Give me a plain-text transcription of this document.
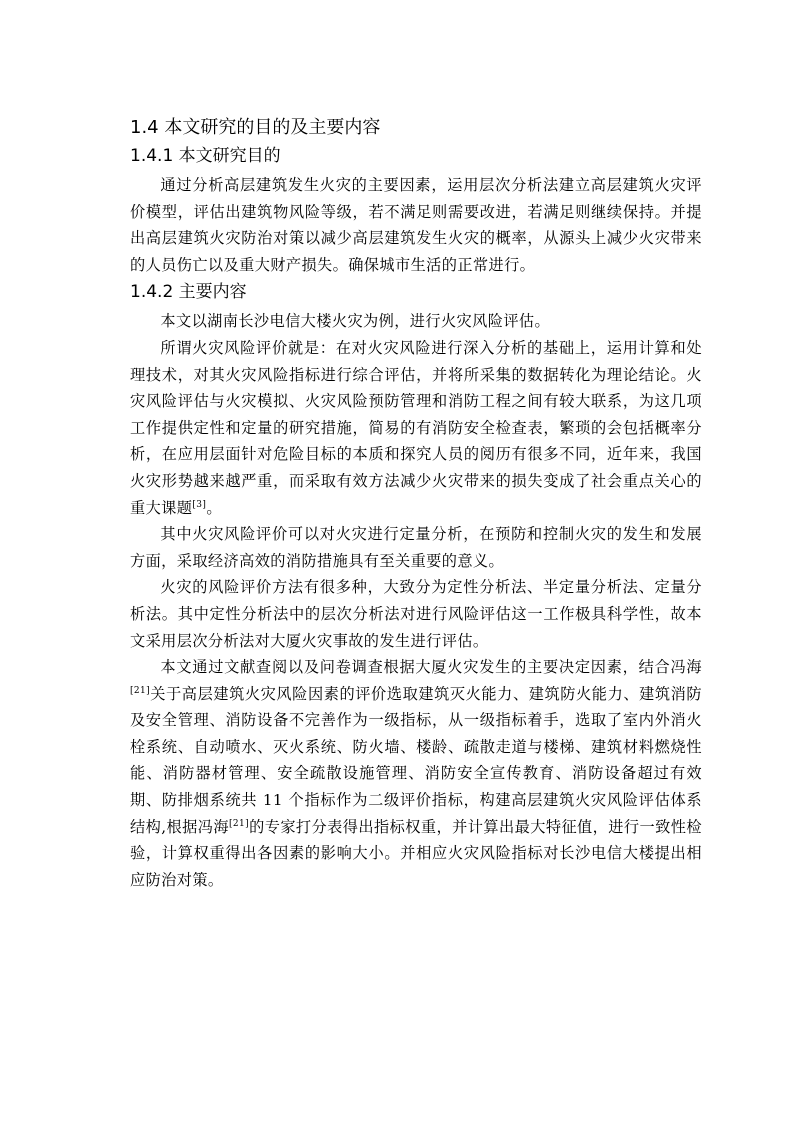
1.4 本文研究的目的及主要内容
1.4.1 本文研究目的

通过分析高层建筑发生火灾的主要因素，运用层次分析法建立高层建筑火灾评价模型，评估出建筑物风险等级，若不满足则需要改进，若满足则继续保持。并提出高层建筑火灾防治对策以减少高层建筑发生火灾的概率，从源头上减少火灾带来的人员伤亡以及重大财产损失。确保城市生活的正常进行。

1.4.2 主要内容

本文以湖南长沙电信大楼火灾为例，进行火灾风险评估。

所谓火灾风险评价就是：在对火灾风险进行深入分析的基础上，运用计算和处理技术，对其火灾风险指标进行综合评估，并将所采集的数据转化为理论结论。火灾风险评估与火灾模拟、火灾风险预防管理和消防工程之间有较大联系，为这几项工作提供定性和定量的研究措施，简易的有消防安全检查表，繁琐的会包括概率分析，在应用层面针对危险目标的本质和探究人员的阅历有很多不同，近年来，我国火灾形势越来越严重，而采取有效方法减少火灾带来的损失变成了社会重点关心的重大课题[3]。

其中火灾风险评价可以对火灾进行定量分析，在预防和控制火灾的发生和发展方面，采取经济高效的消防措施具有至关重要的意义。

火灾的风险评价方法有很多种，大致分为定性分析法、半定量分析法、定量分析法。其中定性分析法中的层次分析法对进行风险评估这一工作极具科学性，故本文采用层次分析法对大厦火灾事故的发生进行评估。

本文通过文献查阅以及问卷调查根据大厦火灾发生的主要决定因素，结合冯海[21]关于高层建筑火灾风险因素的评价选取建筑灭火能力、建筑防火能力、建筑消防及安全管理、消防设备不完善作为一级指标，从一级指标着手，选取了室内外消火栓系统、自动喷水、灭火系统、防火墙、楼龄、疏散走道与楼梯、建筑材料燃烧性能、消防器材管理、安全疏散设施管理、消防安全宣传教育、消防设备超过有效期、防排烟系统共 11 个指标作为二级评价指标，构建高层建筑火灾风险评估体系结构,根据冯海[21]的专家打分表得出指标权重，并计算出最大特征值，进行一致性检验，计算权重得出各因素的影响大小。并相应火灾风险指标对长沙电信大楼提出相应防治对策。
